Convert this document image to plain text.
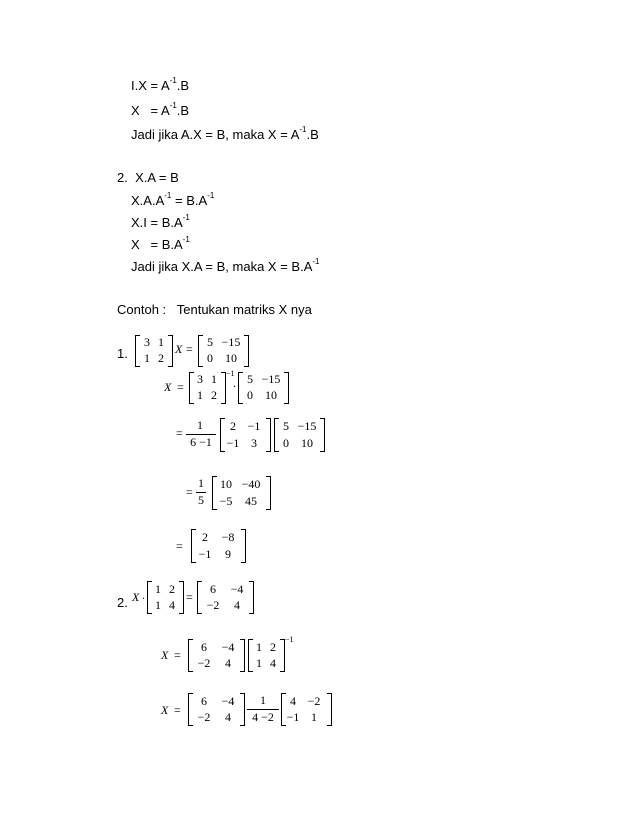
$I.X = A^{-1}.B$
$X = A^{-1}.B$
Jadi jika A.X = B, maka $X = A^{-1}.B$
2.  X.A = B
$X.A.A^{-1} = B.A^{-1}$
$X.I = B.A^{-1}$
$X = B.A^{-1}$
Jadi jika X.A = B, maka $X = B.A^{-1}$
Contoh :   Tentukan matriks X nya
1.
3 1
1 2
. X =	5 −15
0	10
X =
3 1
1 2
−1
. 5 −15
0	10
=
1
6 −1
2 −1
−1 3
5 −15
0	10
=
1
5
10 −40
−5	45
=
2	−8
−1	9
2. X . 1 2
1 4
=
6	−4
−2	4
X =
6	−4
−2	4
1 2
1 4
−1
X =
6	−4
−2	4
.
1
4 −2
4 −2
−1 1
